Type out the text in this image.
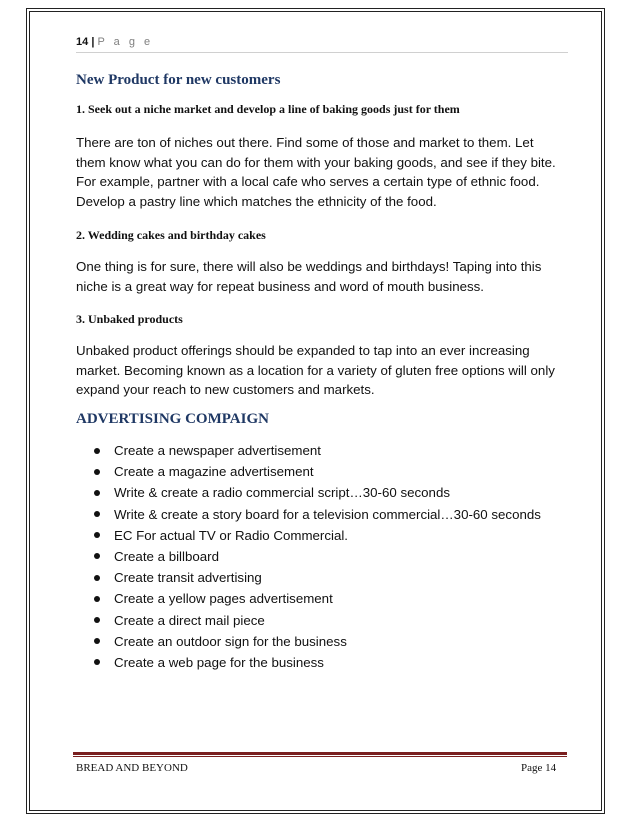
14 | P a g e
New Product for new customers
1. Seek out a niche market and develop a line of baking goods just for them
There are ton of niches out there. Find some of those and market to them. Let them know what you can do for them with your baking goods, and see if they bite. For example, partner with a local cafe who serves a certain type of ethnic food. Develop a pastry line which matches the ethnicity of the food.
2. Wedding cakes and birthday cakes
One thing is for sure, there will also be weddings and birthdays! Taping into this niche is a great way for repeat business and word of mouth business.
3. Unbaked products
Unbaked product offerings should be expanded to tap into an ever increasing market. Becoming known as a location for a variety of gluten free options will only expand your reach to new customers and markets.
ADVERTISING COMPAIGN
Create a newspaper advertisement
Create a magazine advertisement
Write & create a radio commercial script…30-60 seconds
Write & create a story board for a television commercial…30-60 seconds
EC For actual TV or Radio Commercial.
Create a billboard
Create transit advertising
Create a yellow pages advertisement
Create a direct mail piece
Create an outdoor sign for the business
Create a web page for the business
BREAD AND BEYOND	Page 14
